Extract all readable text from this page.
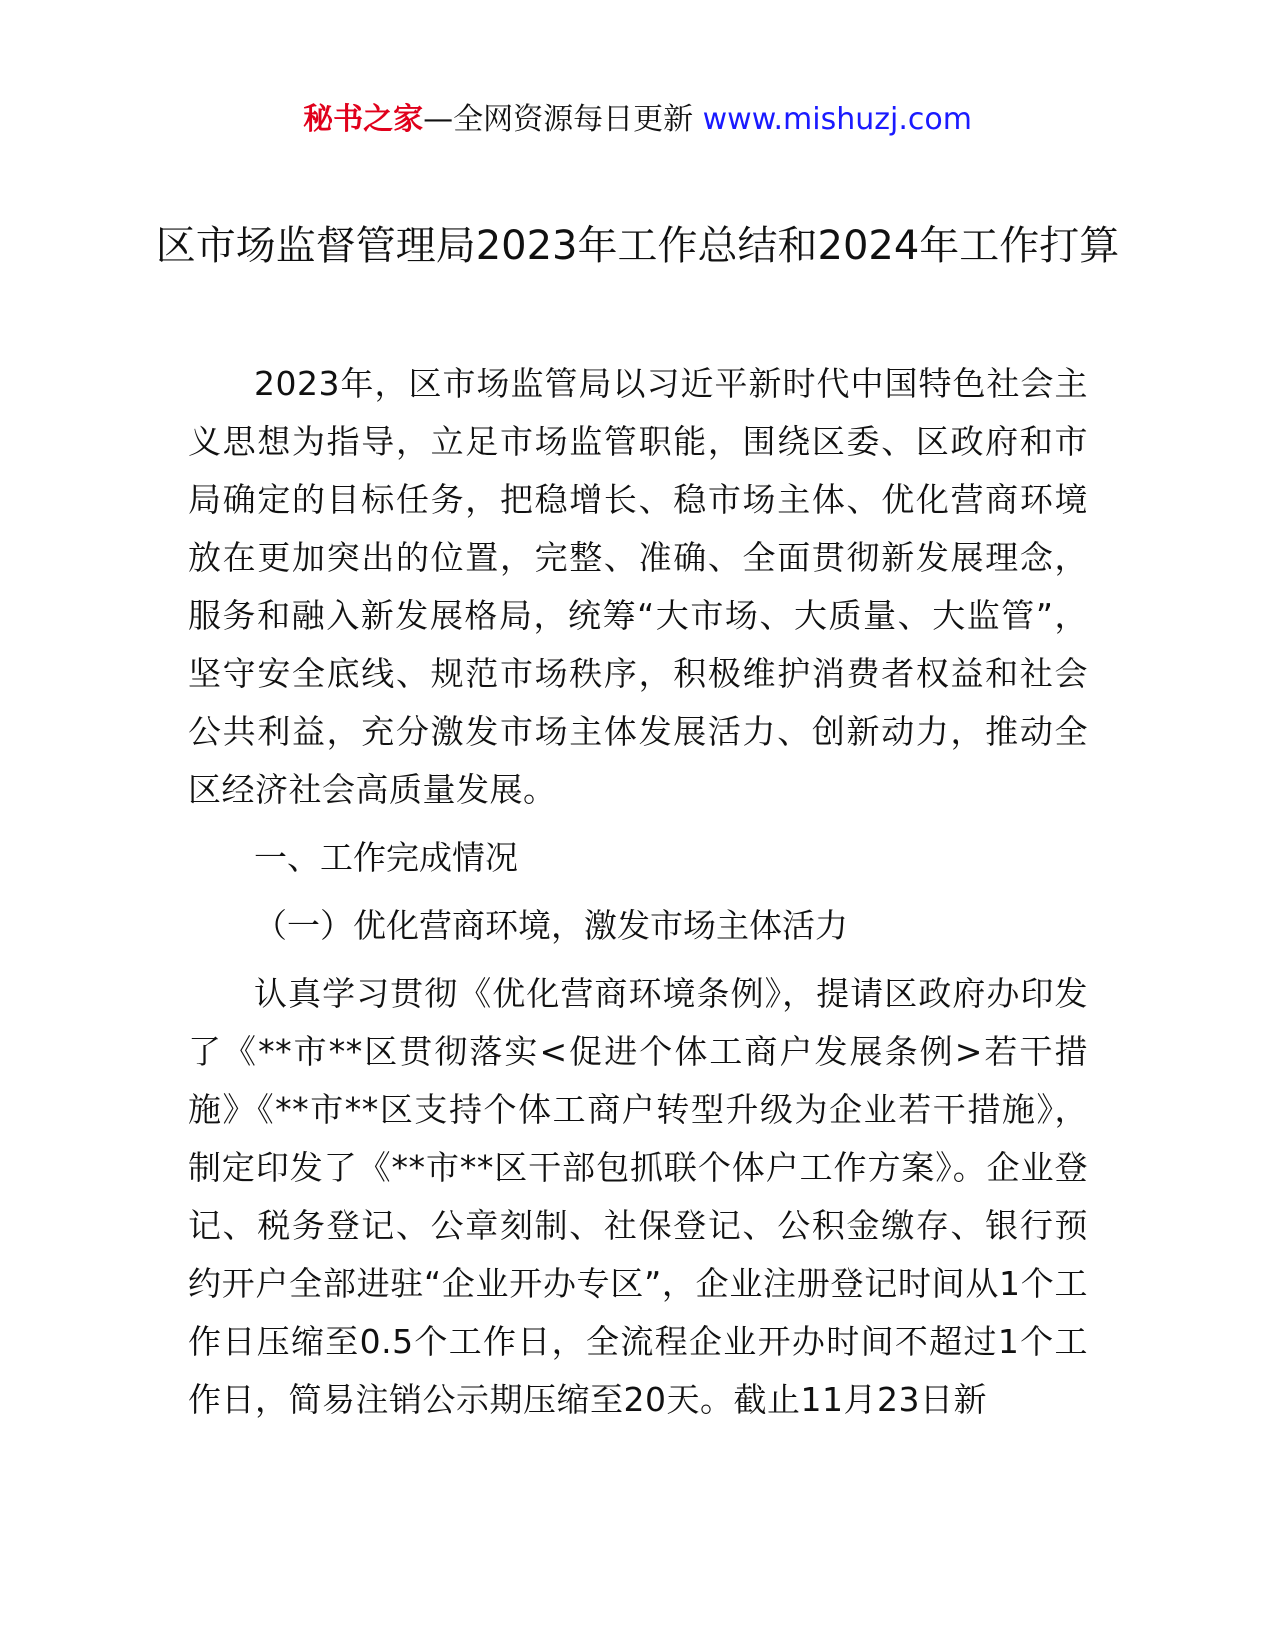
秘书之家—全网资源每日更新 www.mishuzj.com
区市场监督管理局2023年工作总结和2024年工作打算

2023年，区市场监管局以习近平新时代中国特色社会主义思想为指导，立足市场监管职能，围绕区委、区政府和市局确定的目标任务，把稳增长、稳市场主体、优化营商环境放在更加突出的位置，完整、准确、全面贯彻新发展理念，服务和融入新发展格局，统筹“大市场、大质量、大监管”，坚守安全底线、规范市场秩序，积极维护消费者权益和社会公共利益，充分激发市场主体发展活力、创新动力，推动全区经济社会高质量发展。

一、工作完成情况

（一）优化营商环境，激发市场主体活力

认真学习贯彻《优化营商环境条例》，提请区政府办印发了《**市**区贯彻落实<促进个体工商户发展条例>若干措施》《**市**区支持个体工商户转型升级为企业若干措施》，制定印发了《**市**区干部包抓联个体户工作方案》。企业登记、税务登记、公章刻制、社保登记、公积金缴存、银行预约开户全部进驻“企业开办专区”，企业注册登记时间从1个工作日压缩至0.5个工作日，全流程企业开办时间不超过1个工作日，简易注销公示期压缩至20天。截止11月23日新
